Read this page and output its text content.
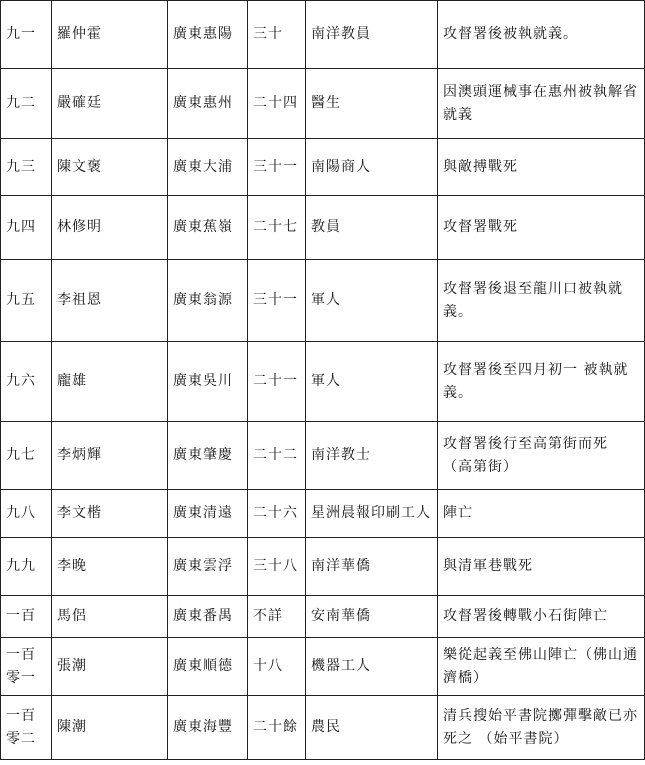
九一	羅仲霍	廣東惠陽	三十	南洋教員	攻督署後被執就義。
九二	嚴確廷	廣東惠州	二十四	醫生	因澳頭運械事在惠州被執解省就義
九三	陳文褒	廣東大浦	三十一	南陽商人	與敵搏戰死
九四	林修明	廣東蕉嶺	二十七	教員	攻督署戰死
九五	李祖恩	廣東翁源	三十一	軍人	攻督署後退至龍川口被執就義。
九六	龐雄	廣東吳川	二十一	軍人	攻督署後至四月初一 被執就義。
九七	李炳輝	廣東肇慶	二十二	南洋教士	攻督署後行至高第街而死 （高第街）
九八	李文楷	廣東清遠	二十六	星洲晨報印刷工人	陣亡
九九	李晚	廣東雲浮	三十八	南洋華僑	與清軍巷戰死
一百	馬侶	廣東番禺	不詳	安南華僑	攻督署後轉戰小石街陣亡
一百零一	張潮	廣東順德	十八	機器工人	樂從起義至佛山陣亡（佛山通濟橋）
一百零二	陳潮	廣東海豐	二十餘	農民	清兵搜始平書院擲彈擊敵已亦死之 （始平書院）
